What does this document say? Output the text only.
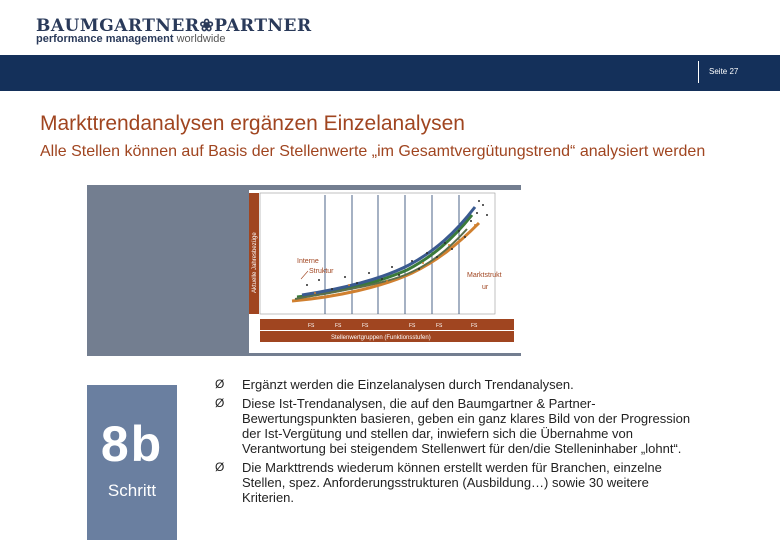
BAUMGARTNER❀PARTNER
performance management worldwide
Seite 27
Markttrendanalysen ergänzen Einzelanalysen
Alle Stellen können auf Basis der Stellenwerte „im Gesamtvergütungstrend“ analysiert werden
Aktuelle Jahresbezüge	Interne
Struktur
Marktstrukt
ur
FS	FS	FS	FS	FS	FS
Stellenwertgruppen (Funktionsstufen)
8b
Schritt
Ø Ergänzt werden die Einzelanalysen durch Trendanalysen.
Ø Diese Ist-Trendanalysen, die auf den Baumgartner & Partner-Bewertungspunkten basieren, geben ein ganz klares Bild von der Progression der Ist-Vergütung und stellen dar, inwiefern sich die Übernahme von Verantwortung bei steigendem Stellenwert für den/die Stelleninhaber „lohnt“.
Ø Die Markttrends wiederum können erstellt werden für Branchen, einzelne Stellen, spez. Anforderungsstrukturen (Ausbildung…) sowie 30 weitere Kriterien.
